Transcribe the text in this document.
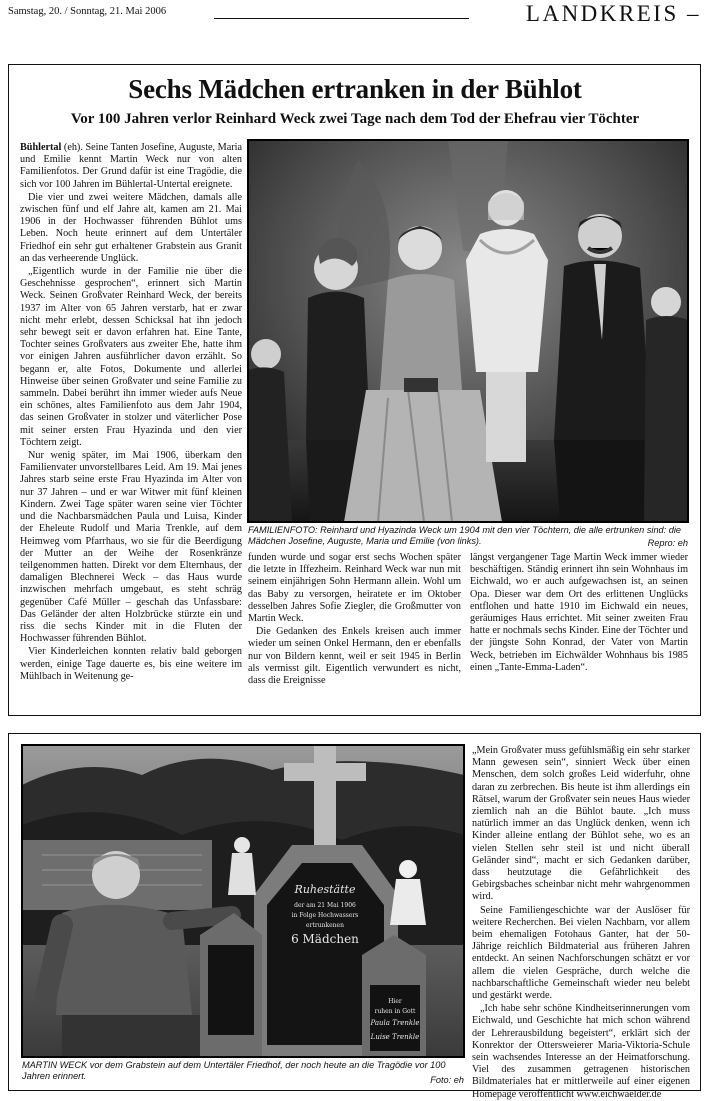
Samstag, 20. / Sonntag, 21. Mai 2006	LANDKREIS –
Sechs Mädchen ertranken in der Bühlot
Vor 100 Jahren verlor Reinhard Weck zwei Tage nach dem Tod der Ehefrau vier Töchter

Bühlertal (eh). Seine Tanten Josefine, Auguste, Maria und Emilie kennt Martin Weck nur von alten Familienfotos. Der Grund dafür ist eine Tragödie, die sich vor 100 Jahren im Bühlertal-Untertal ereignete.

Die vier und zwei weitere Mädchen, damals alle zwischen fünf und elf Jahre alt, kamen am 21. Mai 1906 in der Hochwasser führenden Bühlot ums Leben. Noch heute erinnert auf dem Untertäler Friedhof ein sehr gut erhaltener Grabstein aus Granit an das verheerende Unglück.

„Eigentlich wurde in der Familie nie über die Geschehnisse gesprochen“, erinnert sich Martin Weck. Seinen Großvater Reinhard Weck, der bereits 1937 im Alter von 65 Jahren verstarb, hat er zwar nicht mehr erlebt, dessen Schicksal hat ihn jedoch sehr bewegt seit er davon erfahren hat. Eine Tante, Tochter seines Großvaters aus zweiter Ehe, hatte ihm vor einigen Jahren ausführlicher davon erzählt. So begann er, alte Fotos, Dokumente und allerlei Hinweise über seinen Großvater und seine Familie zu sammeln. Dabei berührt ihn immer wieder aufs Neue ein schönes, altes Familienfoto aus dem Jahr 1904, das seinen Großvater in stolzer und väterlicher Pose mit seiner ersten Frau Hyazinda und den vier Töchtern zeigt.

Nur wenig später, im Mai 1906, überkam den Familienvater unvorstellbares Leid. Am 19. Mai jenes Jahres starb seine erste Frau Hyazinda im Alter von nur 37 Jahren – und er war Witwer mit fünf kleinen Kindern. Zwei Tage später waren seine vier Töchter und die Nachbarsmädchen Paula und Luisa, Kinder der Eheleute Rudolf und Maria Trenkle, auf dem Heimweg vom Pfarrhaus, wo sie für die Beerdigung der Mutter an der Weihe der Rosenkränze teilgenommen hatten. Direkt vor dem Elternhaus, der damaligen Blechnerei Weck – das Haus wurde inzwischen mehrfach umgebaut, es steht schräg gegenüber Café Müller – geschah das Unfassbare: Das Geländer der alten Holzbrücke stürzte ein und riss die sechs Kinder mit in die Fluten der Hochwasser führenden Bühlot.

Vier Kinderleichen konnten relativ bald geborgen werden, einige Tage dauerte es, bis eine weitere im Mühlbach in Weitenung ge-

FAMILIENFOTO: Reinhard und Hyazinda Weck um 1904 mit den vier Töchtern, die alle ertrunken sind: die Mädchen Josefine, Auguste, Maria und Emilie (von links).	Repro: eh

funden wurde und sogar erst sechs Wochen später die letzte in Iffezheim. Reinhard Weck war nun mit seinem einjährigen Sohn Hermann allein. Wohl um das Baby zu versorgen, heiratete er im Oktober desselben Jahres Sofie Ziegler, die Großmutter von Martin Weck.

Die Gedanken des Enkels kreisen auch immer wieder um seinen Onkel Hermann, den er ebenfalls nur von Bildern kennt, weil er seit 1945 in Berlin als vermisst gilt. Eigentlich verwundert es nicht, dass die Ereignisse

längst vergangener Tage Martin Weck immer wieder beschäftigen. Ständig erinnert ihn sein Wohnhaus im Eichwald, wo er auch aufgewachsen ist, an seinen Opa. Dieser war dem Ort des erlittenen Unglücks entflohen und hatte 1910 im Eichwald ein neues, geräumiges Haus errichtet. Mit seiner zweiten Frau hatte er nochmals sechs Kinder. Eine der Töchter und der jüngste Sohn Konrad, der Vater von Martin Weck, betrieben im Eichwälder Wohnhaus bis 1985 einen „Tante-Emma-Laden“.

Ruhestätte
der am 21 Mai 1906
in Folge Hochwassers
ertrunkenen
6 Mädchen
Hier
ruhen in Gott
Paula Trenkle
Luise Trenkle
MARTIN WECK vor dem Grabstein auf dem Untertäler Friedhof, der noch heute an die Tragödie vor 100 Jahren erinnert.	Foto: eh

„Mein Großvater muss gefühlsmäßig ein sehr starker Mann gewesen sein“, sinniert Weck über einen Menschen, dem solch großes Leid widerfuhr, ohne daran zu zerbrechen. Bis heute ist ihm allerdings ein Rätsel, warum der Großvater sein neues Haus wieder ziemlich nah an die Bühlot baute. „Ich muss natürlich immer an das Unglück denken, wenn ich Kinder alleine entlang der Bühlot sehe, wo es an vielen Stellen sehr steil ist und nicht überall Geländer sind“, macht er sich Gedanken darüber, dass heutzutage die Gefährlichkeit des Gebirgsbaches scheinbar nicht mehr wahrgenommen wird.

Seine Familiengeschichte war der Auslöser für weitere Recherchen. Bei vielen Nachbarn, vor allem beim ehemaligen Fotohaus Ganter, hat der 50-Jährige reichlich Bildmaterial aus früheren Jahren entdeckt. An seinen Nachforschungen schätzt er vor allem die vielen Gespräche, durch welche die nachbarschaftliche Gemeinschaft wieder neu belebt und gestärkt werde.

„Ich habe sehr schöne Kindheitserinnerungen vom Eichwald, und Geschichte hat mich schon während der Lehrerausbildung begeistert“, erklärt sich der Konrektor der Ottersweierer Maria-Viktoria-Schule sein wachsendes Interesse an der Heimatforschung. Viel des zusammen getragenen historischen Bildmateriales hat er mittlerweile auf einer eigenen Homepage veröffentlicht www.eichwaelder.de
